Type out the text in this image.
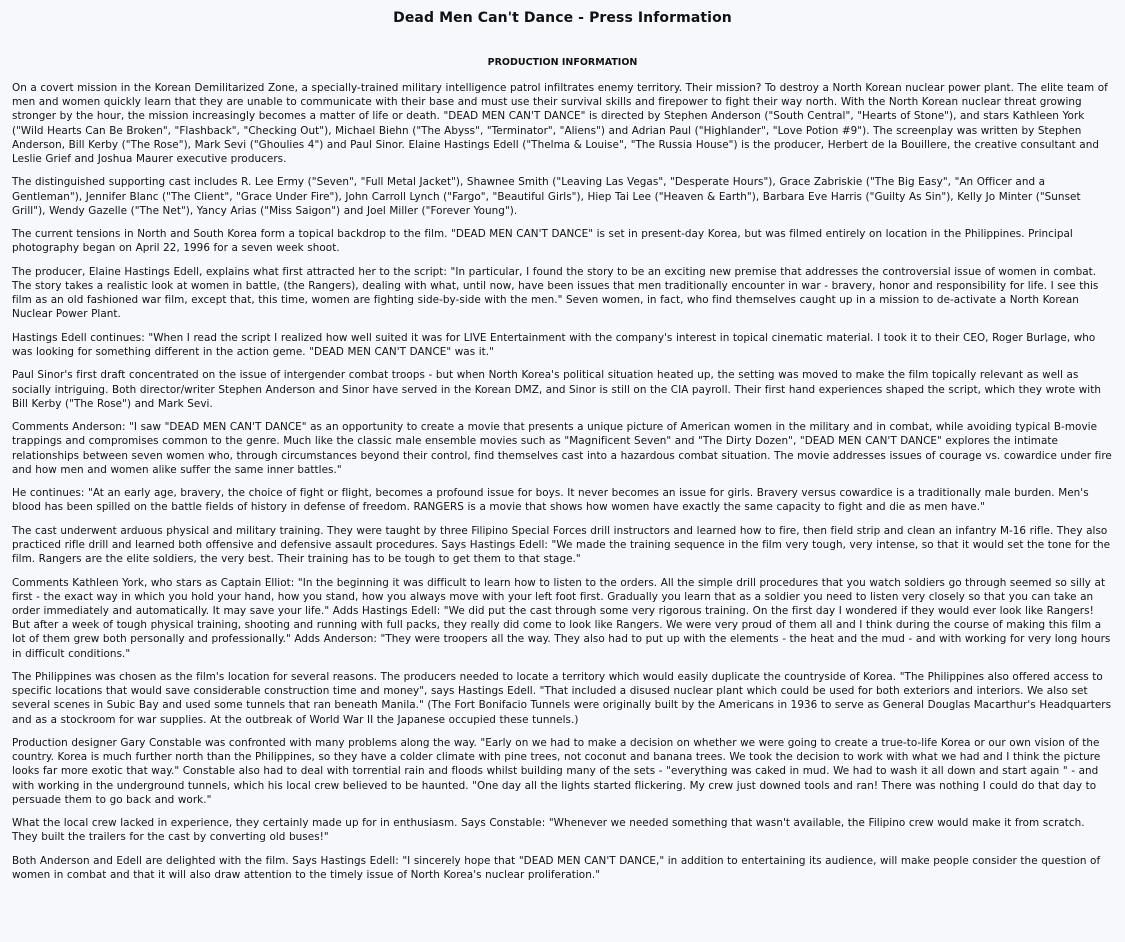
Dead Men Can't Dance - Press Information
PRODUCTION INFORMATION

On a covert mission in the Korean Demilitarized Zone, a specially-trained military intelligence patrol infiltrates enemy territory. Their mission? To destroy a North Korean nuclear power plant. The elite team of men and women quickly learn that they are unable to communicate with their base and must use their survival skills and firepower to fight their way north. With the North Korean nuclear threat growing stronger by the hour, the mission increasingly becomes a matter of life or death. "DEAD MEN CAN'T DANCE" is directed by Stephen Anderson ("South Central", "Hearts of Stone"), and stars Kathleen York ("Wild Hearts Can Be Broken", "Flashback", "Checking Out"), Michael Biehn ("The Abyss", "Terminator", "Aliens") and Adrian Paul ("Highlander", "Love Potion #9"). The screenplay was written by Stephen Anderson, Bill Kerby ("The Rose"), Mark Sevi ("Ghoulies 4") and Paul Sinor. Elaine Hastings Edell ("Thelma & Louise", "The Russia House") is the producer, Herbert de la Bouillere, the creative consultant and Leslie Grief and Joshua Maurer executive producers.

The distinguished supporting cast includes R. Lee Ermy ("Seven", "Full Metal Jacket"), Shawnee Smith ("Leaving Las Vegas", "Desperate Hours"), Grace Zabriskie ("The Big Easy", "An Officer and a Gentleman"), Jennifer Blanc ("The Client", "Grace Under Fire"), John Carroll Lynch ("Fargo", "Beautiful Girls"), Hiep Tai Lee ("Heaven & Earth"), Barbara Eve Harris ("Guilty As Sin"), Kelly Jo Minter ("Sunset Grill"), Wendy Gazelle ("The Net"), Yancy Arias ("Miss Saigon") and Joel Miller ("Forever Young").

The current tensions in North and South Korea form a topical backdrop to the film. "DEAD MEN CAN'T DANCE" is set in present-day Korea, but was filmed entirely on location in the Philippines. Principal photography began on April 22, 1996 for a seven week shoot.

The producer, Elaine Hastings Edell, explains what first attracted her to the script: "In particular, I found the story to be an exciting new premise that addresses the controversial issue of women in combat. The story takes a realistic look at women in battle, (the Rangers), dealing with what, until now, have been issues that men traditionally encounter in war - bravery, honor and responsibility for life. I see this film as an old fashioned war film, except that, this time, women are fighting side-by-side with the men." Seven women, in fact, who find themselves caught up in a mission to de-activate a North Korean Nuclear Power Plant.

Hastings Edell continues: "When I read the script I realized how well suited it was for LIVE Entertainment with the company's interest in topical cinematic material. I took it to their CEO, Roger Burlage, who was looking for something different in the action geme. "DEAD MEN CAN'T DANCE" was it."

Paul Sinor's first draft concentrated on the issue of intergender combat troops - but when North Korea's political situation heated up, the setting was moved to make the film topically relevant as well as socially intriguing. Both director/writer Stephen Anderson and Sinor have served in the Korean DMZ, and Sinor is still on the CIA payroll. Their first hand experiences shaped the script, which they wrote with Bill Kerby ("The Rose") and Mark Sevi.

Comments Anderson: "I saw "DEAD MEN CAN'T DANCE" as an opportunity to create a movie that presents a unique picture of American women in the military and in combat, while avoiding typical B-movie trappings and compromises common to the genre. Much like the classic male ensemble movies such as "Magnificent Seven" and "The Dirty Dozen", "DEAD MEN CAN'T DANCE" explores the intimate relationships between seven women who, through circumstances beyond their control, find themselves cast into a hazardous combat situation. The movie addresses issues of courage vs. cowardice under fire and how men and women alike suffer the same inner battles."

He continues: "At an early age, bravery, the choice of fight or flight, becomes a profound issue for boys. It never becomes an issue for girls. Bravery versus cowardice is a traditionally male burden. Men's blood has been spilled on the battle fields of history in defense of freedom. RANGERS is a movie that shows how women have exactly the same capacity to fight and die as men have."

The cast underwent arduous physical and military training. They were taught by three Filipino Special Forces drill instructors and learned how to fire, then field strip and clean an infantry M-16 rifle. They also practiced rifle drill and learned both offensive and defensive assault procedures. Says Hastings Edell: "We made the training sequence in the film very tough, very intense, so that it would set the tone for the film. Rangers are the elite soldiers, the very best. Their training has to be tough to get them to that stage."

Comments Kathleen York, who stars as Captain Elliot: "In the beginning it was difficult to learn how to listen to the orders. All the simple drill procedures that you watch soldiers go through seemed so silly at first - the exact way in which you hold your hand, how you stand, how you always move with your left foot first. Gradually you learn that as a soldier you need to listen very closely so that you can take an order immediately and automatically. It may save your life." Adds Hastings Edell: "We did put the cast through some very rigorous training. On the first day I wondered if they would ever look like Rangers! But after a week of tough physical training, shooting and running with full packs, they really did come to look like Rangers. We were very proud of them all and I think during the course of making this film a lot of them grew both personally and professionally." Adds Anderson: "They were troopers all the way. They also had to put up with the elements - the heat and the mud - and with working for very long hours in difficult conditions."

The Philippines was chosen as the film's location for several reasons. The producers needed to locate a territory which would easily duplicate the countryside of Korea. "The Philippines also offered access to specific locations that would save considerable construction time and money", says Hastings Edell. "That included a disused nuclear plant which could be used for both exteriors and interiors. We also set several scenes in Subic Bay and used some tunnels that ran beneath Manila." (The Fort Bonifacio Tunnels were originally built by the Americans in 1936 to serve as General Douglas Macarthur's Headquarters and as a stockroom for war supplies. At the outbreak of World War II the Japanese occupied these tunnels.)

Production designer Gary Constable was confronted with many problems along the way. "Early on we had to make a decision on whether we were going to create a true-to-life Korea or our own vision of the country. Korea is much further north than the Philippines, so they have a colder climate with pine trees, not coconut and banana trees. We took the decision to work with what we had and I think the picture looks far more exotic that way." Constable also had to deal with torrential rain and floods whilst building many of the sets - "everything was caked in mud. We had to wash it all down and start again " - and with working in the underground tunnels, which his local crew believed to be haunted. "One day all the lights started flickering. My crew just downed tools and ran! There was nothing I could do that day to persuade them to go back and work."

What the local crew lacked in experience, they certainly made up for in enthusiasm. Says Constable: "Whenever we needed something that wasn't available, the Filipino crew would make it from scratch. They built the trailers for the cast by converting old buses!"

Both Anderson and Edell are delighted with the film. Says Hastings Edell: "I sincerely hope that "DEAD MEN CAN'T DANCE," in addition to entertaining its audience, will make people consider the question of women in combat and that it will also draw attention to the timely issue of North Korea's nuclear proliferation."
